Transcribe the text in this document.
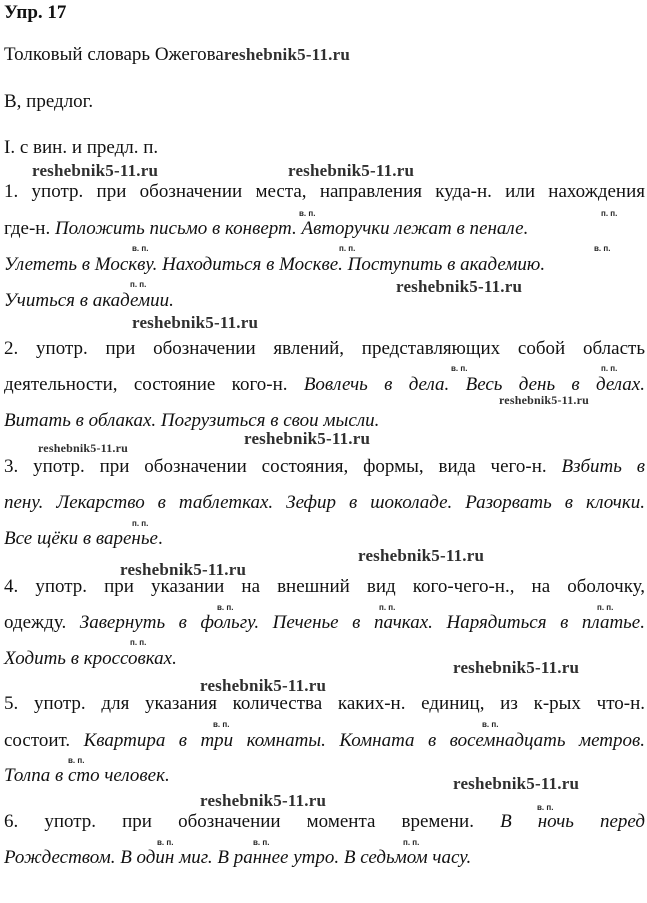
Упр. 17
Толковый словарь Ожеговаreshebnik5-11.ru
В, предлог.
I. с вин. и предл. п.
reshebnik5-11.ru	reshebnik5-11.ru
1. употр. при обозначении места, направления куда-н. или нахождения
в. п.	п. п.
где-н. Положить письмо в конверт. Авторучки лежат в пенале.
в. п.	п. п.	в. п.
Улететь в Москву. Находиться в Москве. Поступить в академию.
п. п.	reshebnik5-11.ru
Учиться в академии.
reshebnik5-11.ru
2. употр. при обозначении явлений, представляющих собой область
в. п.	п. п.
деятельности, состояние кого-н. Вовлечь в дела. Весь день в делах.
reshebnik5-11.ru
Витать в облаках. Погрузиться в свои мысли.
reshebnik5-11.ru	reshebnik5-11.ru
3. употр. при обозначении состояния, формы, вида чего-н. Взбить в
пену. Лекарство в таблетках. Зефир в шоколаде. Разорвать в клочки.
п. п.
Все щёки в варенье.
reshebnik5-11.ru
reshebnik5-11.ru
4. употр. при указании на внешний вид кого-чего-н., на оболочку,
в. п.	п. п.	п. п.
одежду. Завернуть в фольгу. Печенье в пачках. Нарядиться в платье.
п. п.
Ходить в кроссовках.	reshebnik5-11.ru
reshebnik5-11.ru
5. употр. для указания количества каких-н. единиц, из к-рых что-н.
в. п.	в. п.
состоит. Квартира в три комнаты. Комната в восемнадцать метров.
в. п.
Толпа в сто человек.	reshebnik5-11.ru
reshebnik5-11.ru	в. п.
6. употр. при обозначении момента времени. В ночь перед
в. п.	в. п.	п. п.
Рождеством. В один миг. В раннее утро. В седьмом часу.
